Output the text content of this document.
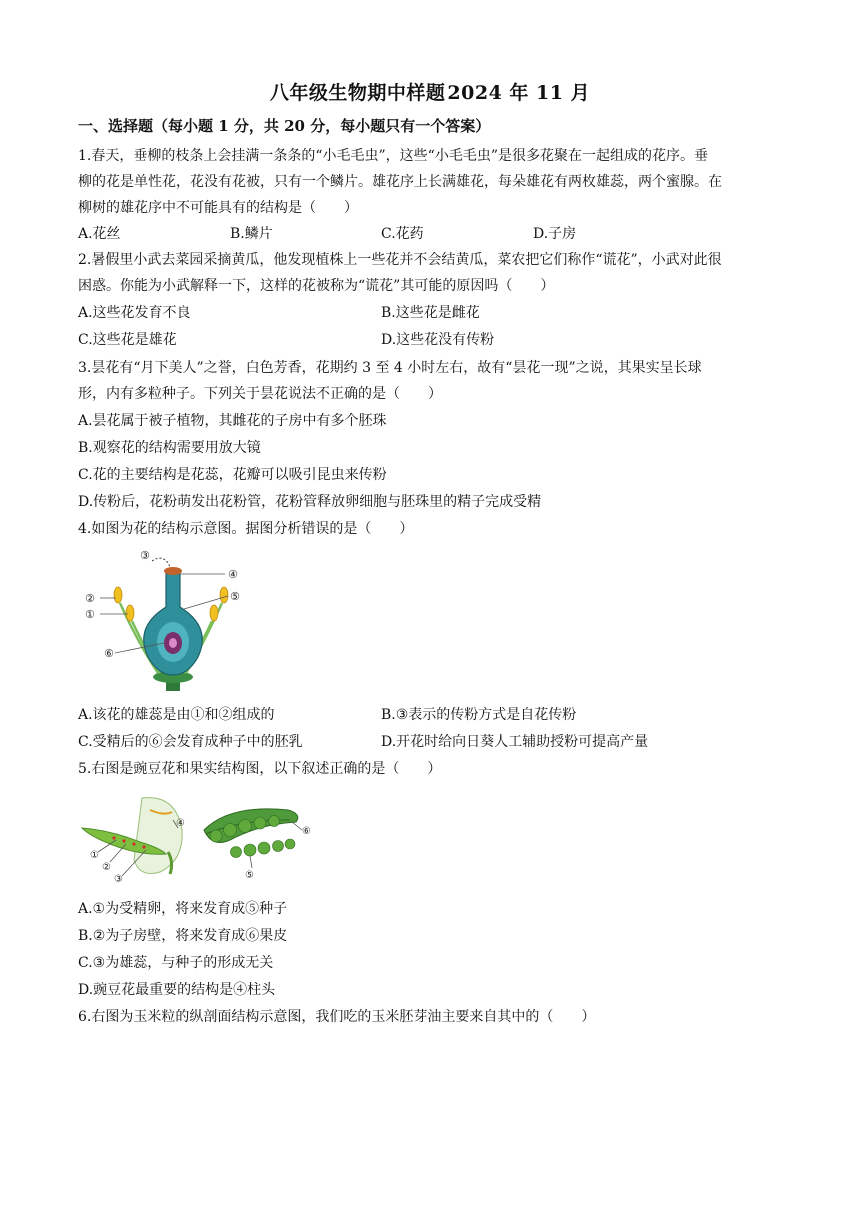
八年级生物期中样题 2024 年 11 月
一、选择题（每小题 1 分，共 20 分，每小题只有一个答案）
1.春天，垂柳的枝条上会挂满一条条的“小毛毛虫”，这些“小毛毛虫”是很多花聚在一起组成的花序。垂
柳的花是单性花，花没有花被，只有一个鳞片。雄花序上长满雄花，每朵雄花有两枚雄蕊，两个蜜腺。在
柳树的雄花序中不可能具有的结构是（　　）
A.花丝	B.鳞片	C.花药	D.子房
2.暑假里小武去菜园采摘黄瓜，他发现植株上一些花并不会结黄瓜，菜农把它们称作“谎花”，小武对此很
困惑。你能为小武解释一下，这样的花被称为“谎花”其可能的原因吗（　　）
A.这些花发育不良	B.这些花是雌花
C.这些花是雄花	D.这些花没有传粉
3.昙花有“月下美人”之誉，白色芳香，花期约 3 至 4 小时左右，故有“昙花一现”之说，其果实呈长球
形，内有多粒种子。下列关于昙花说法不正确的是（　　）
A.昙花属于被子植物，其雌花的子房中有多个胚珠
B.观察花的结构需要用放大镜
C.花的主要结构是花蕊，花瓣可以吸引昆虫来传粉
D.传粉后，花粉萌发出花粉管，花粉管释放卵细胞与胚珠里的精子完成受精
4.如图为花的结构示意图。据图分析错误的是（　　）
③
④
②	⑤
①
⑥
A.该花的雄蕊是由①和②组成的	B.③表示的传粉方式是自花传粉
C.受精后的⑥会发育成种子中的胚乳	D.开花时给向日葵人工辅助授粉可提高产量
5.右图是豌豆花和果实结构图，以下叙述正确的是（　　）
④
①
②
③
⑥
⑤
A.①为受精卵，将来发育成⑤种子
B.②为子房壁，将来发育成⑥果皮
C.③为雄蕊，与种子的形成无关
D.豌豆花最重要的结构是④柱头
6.右图为玉米粒的纵剖面结构示意图，我们吃的玉米胚芽油主要来自其中的（　　）
